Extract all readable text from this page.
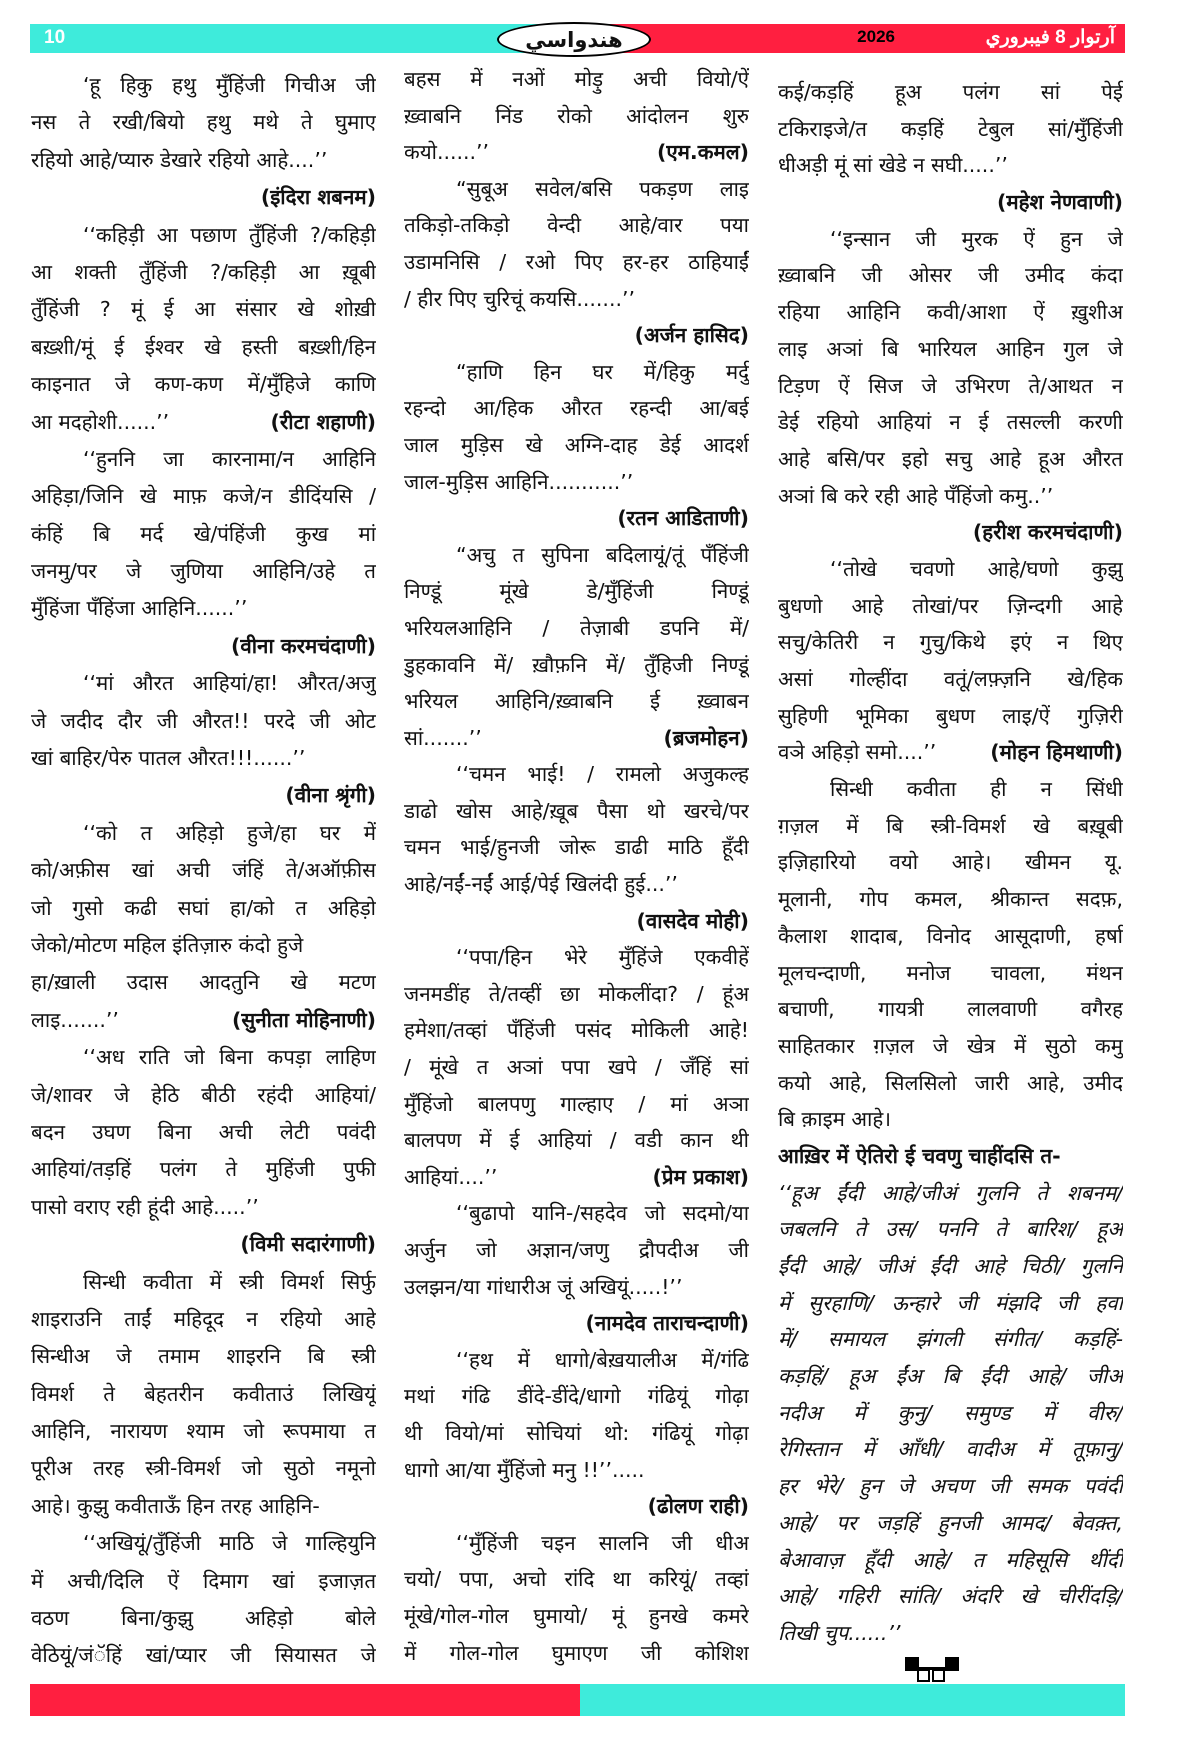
10	هندواسي	2026	آرتوار 8 فيبروري
‘हू हिकु हथु मुँहिंजी गिचीअ जी
नस ते रखी/बियो हथु मथे ते घुमाए
रहियो आहे/प्यारु डेखारे रहियो आहे....’’
(इंदिरा शबनम)
‘‘कहिड़ी आ पछाण तुँहिंजी ?/कहिड़ी
आ शक्ती तुँहिंजी ?/कहिड़ी आ ख़ूबी
तुँहिंजी ? मूं ई आ संसार खे शोख़ी
बख़्शी/मूं ई ईश्वर खे हस्ती बख़्शी/हिन
काइनात जे कण-कण में/मुँहिजे काणि
आ मदहोशी......’’	(रीटा शहाणी)
‘‘हुननि जा कारनामा/न आहिनि
अहिड़ा/जिनि खे माफ़ कजे/न डीदिंयसि /
कंहिं बि मर्द खे/पंहिंजी कुख मां
जनमु/पर जे जुणिया आहिनि/उहे त
मुँहिंजा पँहिंजा आहिनि......’’
(वीना करमचंदाणी)
‘‘मां औरत आहियां/हा! औरत/अजु
जे जदीद दौर जी औरत!! परदे जी ओट
खां बाहिर/पेरु पातल औरत!!!......’’
(वीना श्रृंगी)
‘‘को त अहिड़ो हुजे/हा घर में
को/अफ़ीस खां अची जंहिं ते/अऑफ़ीस
जो गुसो कढी सघां हा/को त अहिड़ो
जेको/मोटण महिल इंतिज़ारु कंदो हुजे
हा/ख़ाली उदास आदतुनि खे मटण
लाइ.......’’	(सुनीता मोहिनाणी)
‘‘अध राति जो बिना कपड़ा लाहिण
जे/शावर जे हेठि बीठी रहंदी आहियां/
बदन उघण बिना अची लेटी पवंदी
आहियां/तड़हिं पलंग ते मुहिंजी पुफी
पासो वराए रही हूंदी आहे.....’’
(विमी सदारंगाणी)
सिन्धी कवीता में स्त्री विमर्श सिर्फु
शाइराउनि ताईं महिदूद न रहियो आहे
सिन्धीअ जे तमाम शाइरनि बि स्त्री
विमर्श ते बेहतरीन कवीताउं लिखियूं
आहिनि, नारायण श्याम जो रूपमाया त
पूरीअ तरह स्त्री-विमर्श जो सुठो नमूनो
आहे। कुझु कवीताऊँ हिन तरह आहिनि-
‘‘अखियूं/तुँहिंजी माठि जे गाल्हियुनि
में अची/दिलि ऐं दिमाग खां इजाज़त
वठण बिना/कुझु अहिड़ो बोले
वेठियूं/जंॅहिं खां/प्यार जी सियासत जे
बहस में नओं मोड़ु अची वियो/ऐं
ख़्वाबनि निंड रोको आंदोलन शुरु
कयो......’’	(एम.कमल)
“सुबूअ सवेल/बसि पकड़ण लाइ
तकिड़ो-तकिड़ो वेन्दी आहे/वार पया
उडामनिसि / रओ पिए हर-हर ठाहियाईं
/ हीर पिए चुरिचूं कयसि.......’’
(अर्जन हासिद)
“हाणि हिन घर में/हिकु मर्दु
रहन्दो आ/हिक औरत रहन्दी आ/बई
जाल मुड़िस खे अग्नि-दाह डेई आदर्श
जाल-मुड़िस आहिनि...........’’
(रतन आडिताणी)
“अचु त सुपिना बदिलायूं/तूं पँहिंजी
निण्डूं मूंखे डे/मुँहिंजी निण्डूं
भरियलआहिनि / तेज़ाबी डपनि में/
डुहकावनि में/ ख़ौफ़नि में/ तुँहिजी निण्डूं
भरियल आहिनि/ख़्वाबनि ई ख़्वाबन
सां.......’’	(ब्रजमोहन)
‘‘चमन भाई! / रामलो अजुकल्ह
डाढो खोस आहे/ख़ूब पैसा थो खरचे/पर
चमन भाई/हुनजी जोरू डाढी माठि हूँदी
आहे/नईं-नईं आई/पेई खिलंदी हुई...’’
(वासदेव मोही)
‘‘पपा/हिन भेरे मुँहिंजे एकवीहें
जनमडींह ते/तव्हीं छा मोकलींदा? / हूंअ
हमेशा/तव्हां पँहिंजी पसंद मोकिली आहे!
/ मूंखे त अञां पपा खपे / जँहिं सां
मुँहिंजो बालपणु गाल्हाए / मां अञा
बालपण में ई आहियां / वडी कान थी
आहियां....’’	(प्रेम प्रकाश)
‘‘बुढापो यानि-/सहदेव जो सदमो/या
अर्जुन जो अज्ञान/जणु द्रौपदीअ जी
उलझन/या गांधारीअ जूं अखियूं.....!’’
(नामदेव ताराचन्दाणी)
‘‘हथ में धागो/बेख़यालीअ में/गंढि
मथां गंढि डींदे-डींदे/धागो गंढियूं गोढ़ा
थी वियो/मां सोचियां थो: गंढियूं गोढ़ा
धागो आ/या मुँहिंजो मनु !!’’.....
(ढोलण राही)
‘‘मुँहिंजी चइन सालनि जी धीअ
चयो/ पपा, अचो रांदि था करियूं/ तव्हां
मूंखे/गोल-गोल घुमायो/ मूं हुनखे कमरे
में गोल-गोल घुमाएण जी कोशिश
कई/कड़हिं हूअ पलंग सां पेई
टकिराइजे/त कड़हिं टेबुल सां/मुँहिंजी
धीअड़ी मूं सां खेडे न सघी.....’’
(महेश नेणवाणी)
‘‘इन्सान जी मुरक ऐं हुन जे
ख़्वाबनि जी ओसर जी उमीद कंदा
रहिया आहिनि कवी/आशा ऐं ख़ुशीअ
लाइ अञां बि भारियल आहिन गुल जे
टिड़ण ऐं सिज जे उभिरण ते/आथत न
डेई रहियो आहियां न ई तसल्ली करणी
आहे बसि/पर इहो सचु आहे हूअ औरत
अञां बि करे रही आहे पँहिंजो कमु..’’
(हरीश करमचंदाणी)
‘‘तोखे चवणो आहे/घणो कुझु
बुधणो आहे तोखां/पर ज़िन्दगी आहे
सचु/केतिरी न गुचु/किथे इएं न थिए
असां गोल्हींदा वतूं/लफ़्ज़नि खे/हिक
सुहिणी भूमिका बुधण लाइ/ऐं गुज़िरी
वञे अहिड़ो समो....’’	(मोहन हिमथाणी)
सिन्धी कवीता ही न सिंधी
ग़ज़ल में बि स्त्री-विमर्श खे बख़ूबी
इज़िहारियो वयो आहे। खीमन यू.
मूलानी, गोप कमल, श्रीकान्त सदफ़,
कैलाश शादाब, विनोद आसूदाणी, हर्षा
मूलचन्दाणी, मनोज चावला, मंथन
बचाणी, गायत्री लालवाणी वगैरह
साहितकार ग़ज़ल जे खेत्र में सुठो कमु
कयो आहे, सिलसिलो जारी आहे, उमीद
बि क़ाइम आहे।
आख़िर में ऐतिरो ई चवणु चाहींदसि त-
‘‘हूअ ईंदी आहे/जीअं गुलनि ते शबनम/
जबलनि ते उस/ पननि ते बारिश/ हूअ
ईंदी आहे/ जीअं ईंदी आहे चिठी/ गुलनि
में सुरहाणि/ ऊन्हारे जी मंझदि जी हवा
में/ समायल झंगली संगीत/ कड़हिं-
कड़हिं/ हूअ ईंअ बि ईंदी आहे/ जीअं
नदीअ में कुनु/ समुण्ड में वीरु/
रेगिस्तान में आँधी/ वादीअ में तूफ़ानु/
हर भेरे/ हुन जे अचण जी समक पवंदी
आहे/ पर जड़हिं हुनजी आमद/ बेवक़्त,
बेआवाज़ हूँदी आहे/ त महिसूसि थींदी
आहे/ गहिरी सांति/ अंदरि खे चीरींदड़ि/
तिखी चुप......’’
